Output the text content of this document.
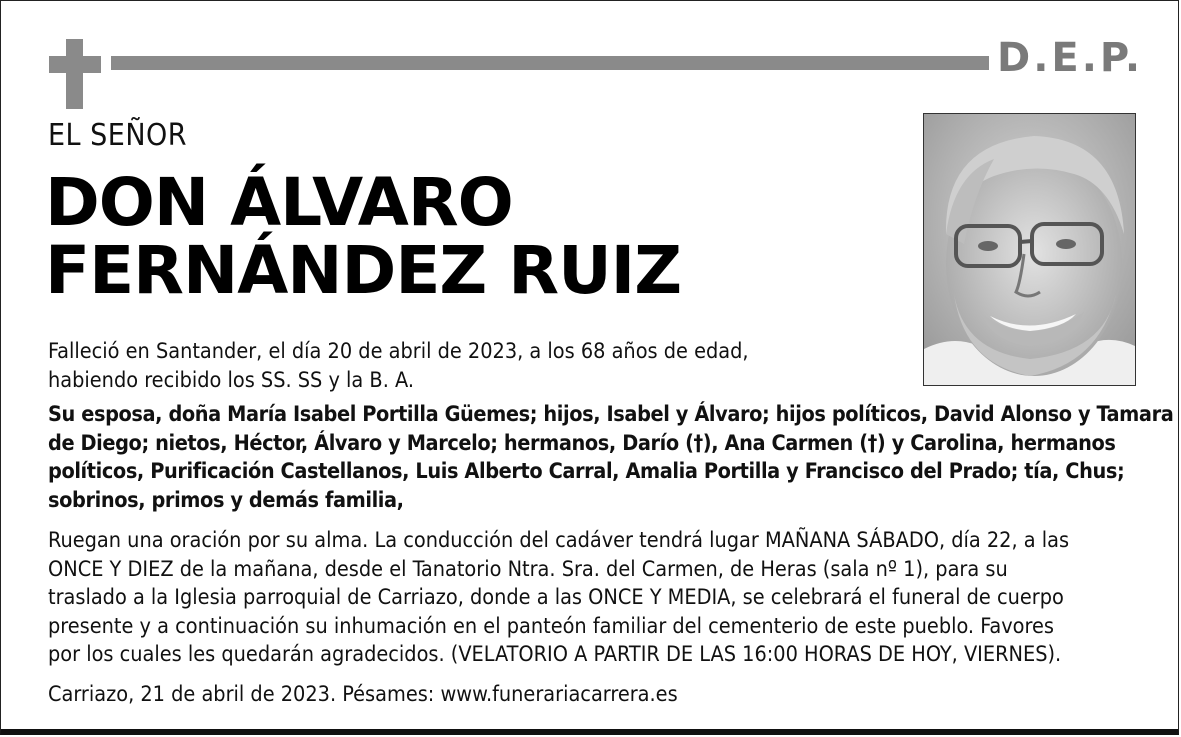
D.E.P.
EL SEÑOR
DON ÁLVARO
FERNÁNDEZ RUIZ

Falleció en Santander, el día 20 de abril de 2023, a los 68 años de edad,
habiendo recibido los SS. SS y la B. A.

Su esposa, doña María Isabel Portilla Güemes; hijos, Isabel y Álvaro; hijos políticos, David Alonso y Tamara
de Diego; nietos, Héctor, Álvaro y Marcelo; hermanos, Darío (†), Ana Carmen (†) y Carolina, hermanos
políticos, Purificación Castellanos, Luis Alberto Carral, Amalia Portilla y Francisco del Prado; tía, Chus;
sobrinos, primos y demás familia,

Ruegan una oración por su alma. La conducción del cadáver tendrá lugar MAÑANA SÁBADO, día 22, a las
ONCE Y DIEZ de la mañana, desde el Tanatorio Ntra. Sra. del Carmen, de Heras (sala nº 1), para su
traslado a la Iglesia parroquial de Carriazo, donde a las ONCE Y MEDIA, se celebrará el funeral de cuerpo
presente y a continuación su inhumación en el panteón familiar del cementerio de este pueblo. Favores
por los cuales les quedarán agradecidos. (VELATORIO A PARTIR DE LAS 16:00 HORAS DE HOY, VIERNES).

Carriazo, 21 de abril de 2023. Pésames: www.funerariacarrera.es
